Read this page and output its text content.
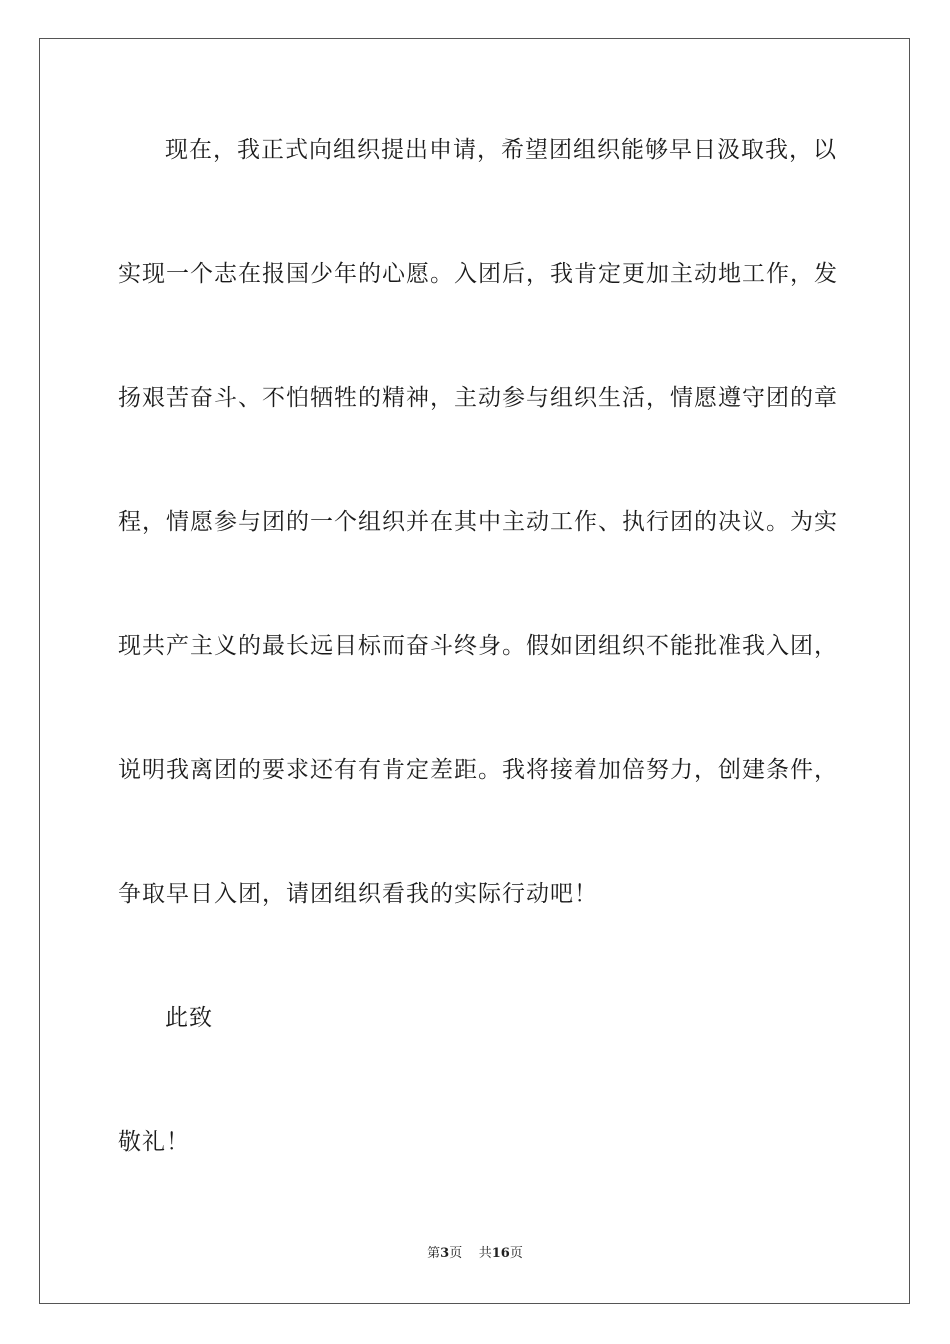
现在，我正式向组织提出申请，希望团组织能够早日汲取我，以
实现一个志在报国少年的心愿。入团后，我肯定更加主动地工作，发
扬艰苦奋斗、不怕牺牲的精神，主动参与组织生活，情愿遵守团的章
程，情愿参与团的一个组织并在其中主动工作、执行团的决议。为实
现共产主义的最长远目标而奋斗终身。假如团组织不能批准我入团，
说明我离团的要求还有有肯定差距。我将接着加倍努力，创建条件，
争取早日入团，请团组织看我的实际行动吧！
此致
敬礼！
第3页 共16页
